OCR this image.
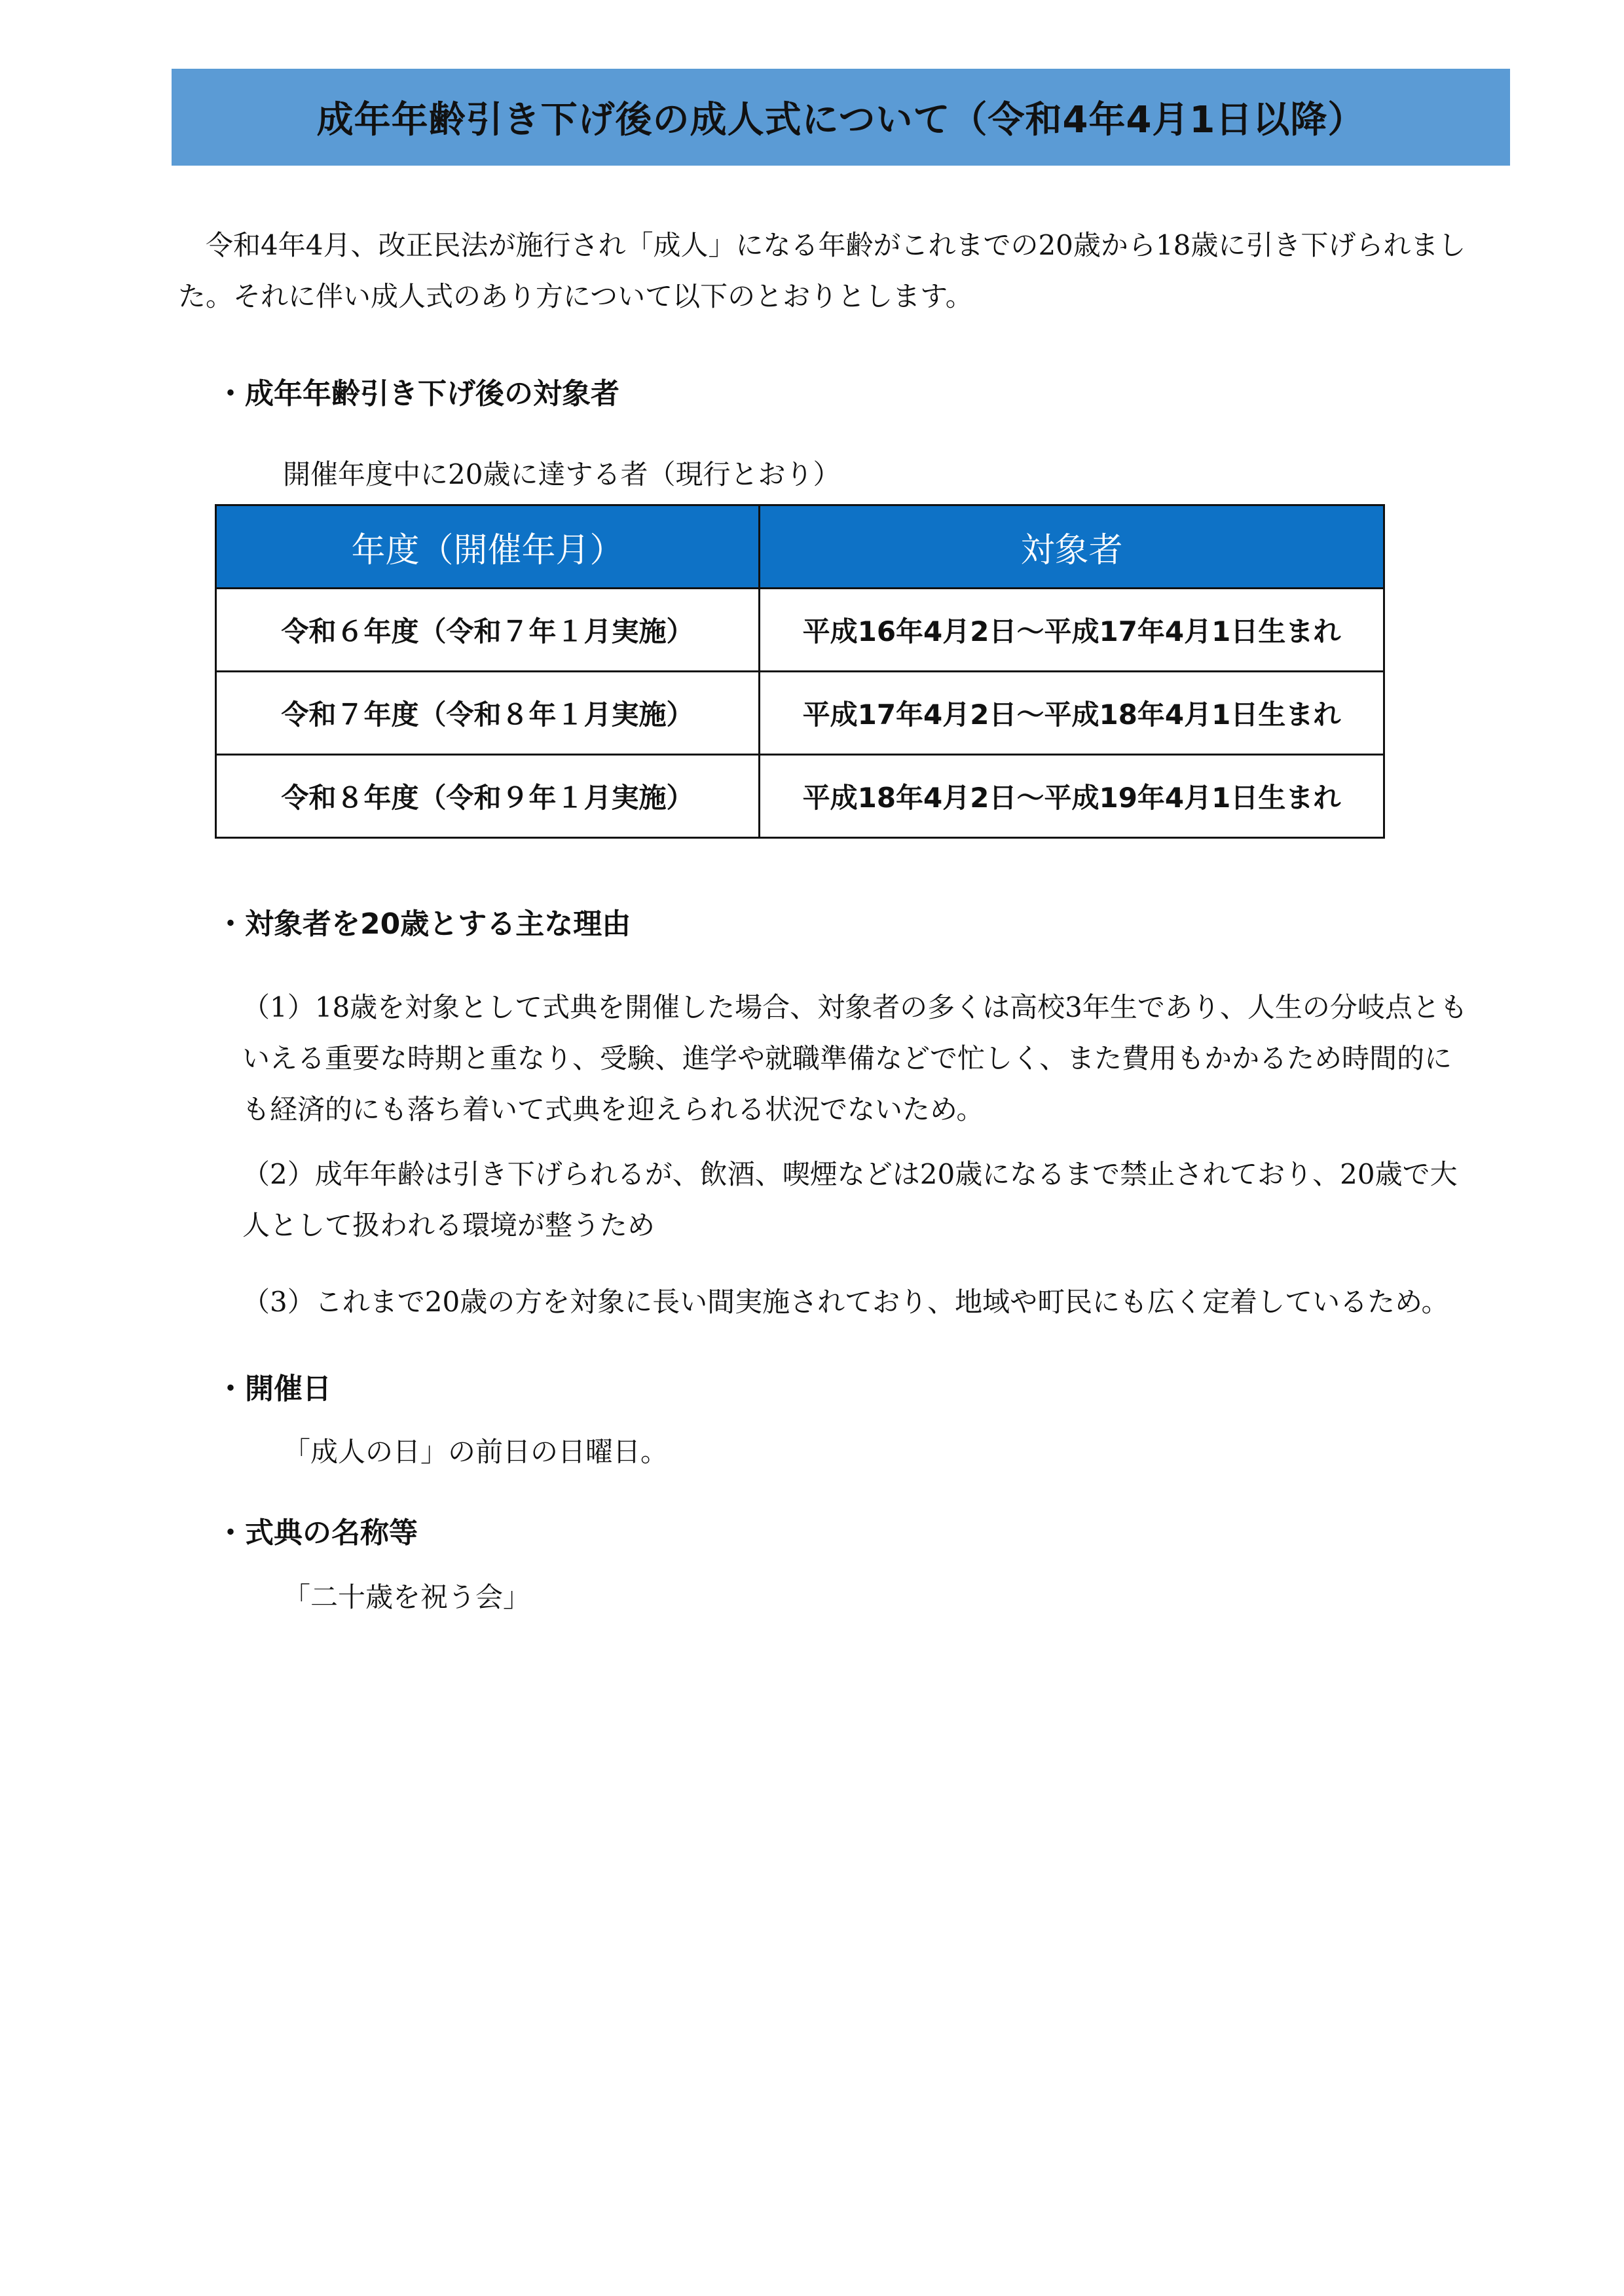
成年年齢引き下げ後の成人式について（令和4年4月1日以降）
　令和4年4月、改正民法が施行され「成人」になる年齢がこれまでの20歳から18歳に引き下げられました。それに伴い成人式のあり方について以下のとおりとします。
・成年年齢引き下げ後の対象者
開催年度中に20歳に達する者（現行とおり）
年度（開催年月）	対象者
令和６年度（令和７年１月実施）	平成16年4月2日～平成17年4月1日生まれ
令和７年度（令和８年１月実施）	平成17年4月2日～平成18年4月1日生まれ
令和８年度（令和９年１月実施）	平成18年4月2日～平成19年4月1日生まれ
・対象者を20歳とする主な理由
（1）18歳を対象として式典を開催した場合、対象者の多くは高校3年生であり、人生の分岐点ともいえる重要な時期と重なり、受験、進学や就職準備などで忙しく、また費用もかかるため時間的にも経済的にも落ち着いて式典を迎えられる状況でないため。
（2）成年年齢は引き下げられるが、飲酒、喫煙などは20歳になるまで禁止されており、20歳で大人として扱われる環境が整うため
（3）これまで20歳の方を対象に長い間実施されており、地域や町民にも広く定着しているため。
・開催日
「成人の日」の前日の日曜日。
・式典の名称等
「二十歳を祝う会」
